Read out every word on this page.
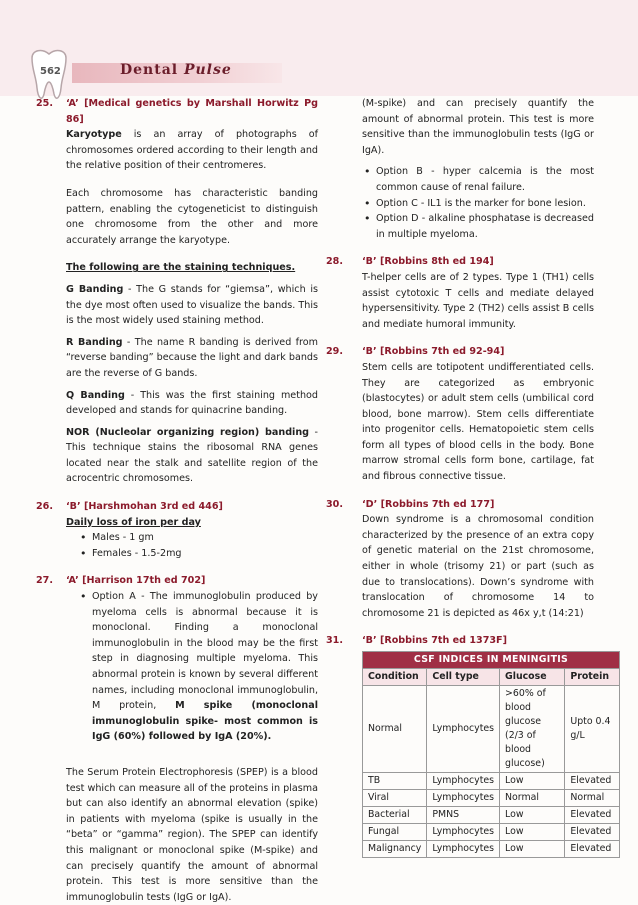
562	Dental Pulse
25. ‘A’ [Medical genetics by Marshall Horwitz Pg 86]

Karyotype is an array of photographs of chromosomes ordered according to their length and the relative position of their centromeres.

Each chromosome has characteristic banding pattern, enabling the cytogeneticist to distinguish one chromosome from the other and more accurately arrange the karyotype.

The following are the staining techniques.

G Banding - The G stands for “giemsa”, which is the dye most often used to visualize the bands. This is the most widely used staining method.

R Banding - The name R banding is derived from “reverse banding” because the light and dark bands are the reverse of G bands.

Q Banding - This was the first staining method developed and stands for quinacrine banding.

NOR (Nucleolar organizing region) banding - This technique stains the ribosomal RNA genes located near the stalk and satellite region of the acrocentric chromosomes.

26. ‘B’ [Harshmohan 3rd ed 446]

Daily loss of iron per day

• Males - 1 gm
• Females - 1.5-2mg
27. ‘A’ [Harrison 17th ed 702]

• Option A - The immunoglobulin produced by myeloma cells is abnormal because it is monoclonal. Finding a monoclonal immunoglobulin in the blood may be the first step in diagnosing multiple myeloma. This abnormal protein is known by several different names, including monoclonal immunoglobulin, M protein, M spike (monoclonal immunoglobulin spike- most common is IgG (60%) followed by IgA (20%).

The Serum Protein Electrophoresis (SPEP) is a blood test which can measure all of the proteins in plasma but can also identify an abnormal elevation (spike) in patients with myeloma (spike is usually in the “beta” or “gamma” region). The SPEP can identify this malignant or monoclonal spike (M-spike) and can precisely quantify the amount of abnormal protein. This test is more sensitive than the immunoglobulin tests (IgG or IgA).

(M-spike) and can precisely quantify the amount of abnormal protein. This test is more sensitive than the immunoglobulin tests (IgG or IgA).

• Option B - hyper calcemia is the most common cause of renal failure.
• Option C - IL1 is the marker for bone lesion.
• Option D - alkaline phosphatase is decreased in multiple myeloma.
28. ‘B’ [Robbins 8th ed 194]

T-helper cells are of 2 types. Type 1 (TH1) cells assist cytotoxic T cells and mediate delayed hypersensitivity. Type 2 (TH2) cells assist B cells and mediate humoral immunity.

29. ‘B’ [Robbins 7th ed 92-94]

Stem cells are totipotent undifferentiated cells. They are categorized as embryonic (blastocytes) or adult stem cells (umbilical cord blood, bone marrow). Stem cells differentiate into progenitor cells. Hematopoietic stem cells form all types of blood cells in the body. Bone marrow stromal cells form bone, cartilage, fat and fibrous connective tissue.

30. ‘D’ [Robbins 7th ed 177]

Down syndrome is a chromosomal condition characterized by the presence of an extra copy of genetic material on the 21st chromosome, either in whole (trisomy 21) or part (such as due to translocations). Down’s syndrome with translocation of chromosome 14 to chromosome 21 is depicted as 46x y,t (14:21)

31. ‘B’ [Robbins 7th ed 1373F]

CSF INDICES IN MENINGITIS			
Condition	Cell type	Glucose	Protein
Normal	Lymphocytes	>60% of blood glucose (2/3 of blood glucose)	Upto 0.4 g/L
TB	Lymphocytes	Low	Elevated
Viral	Lymphocytes	Normal	Normal
Bacterial	PMNS	Low	Elevated
Fungal	Lymphocytes	Low	Elevated
Malignancy	Lymphocytes	Low	Elevated
